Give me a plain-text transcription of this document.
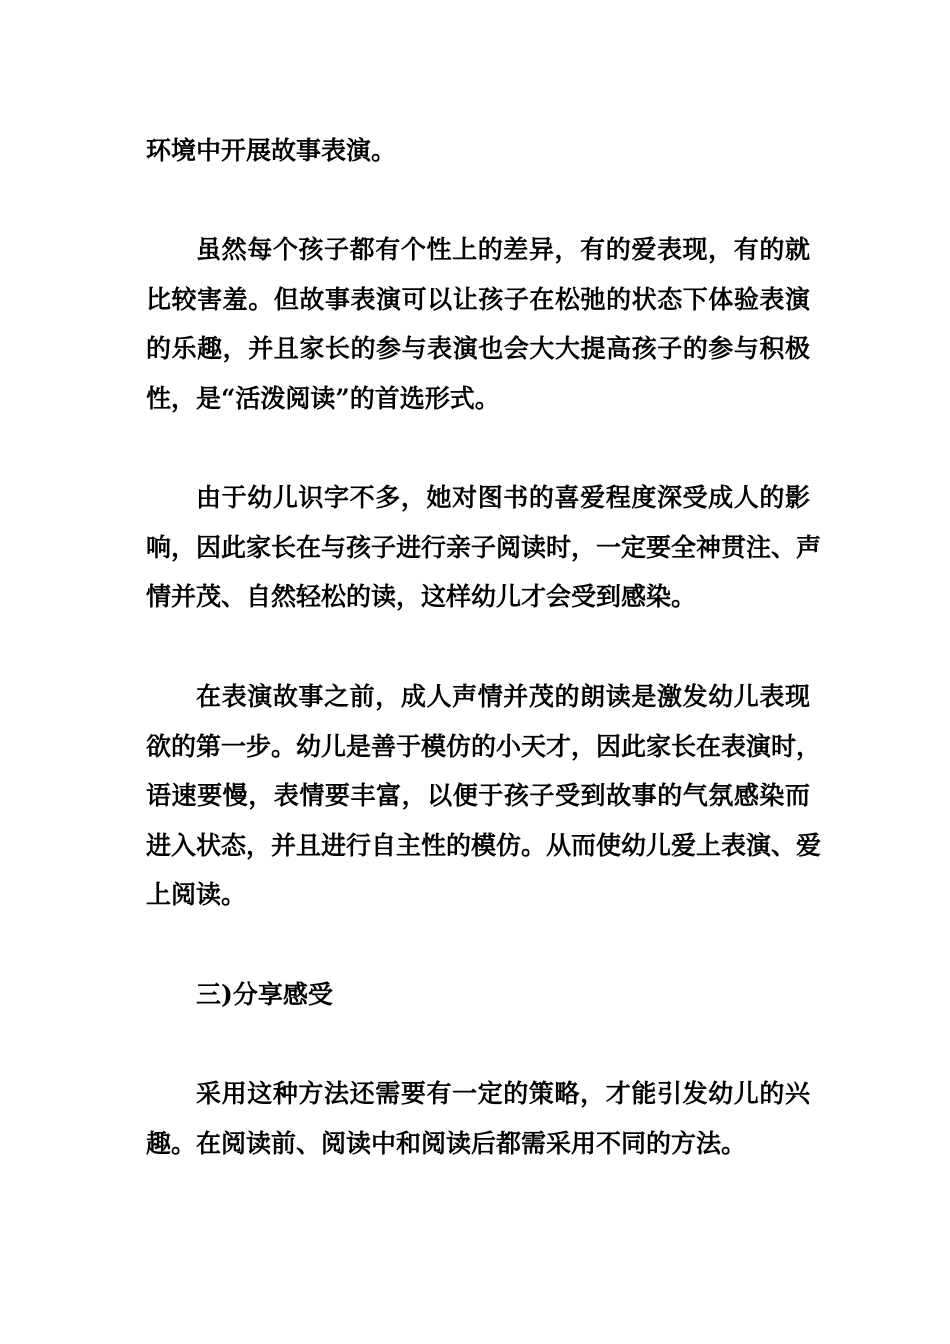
环境中开展故事表演。
虽然每个孩子都有个性上的差异，有的爱表现，有的就
比较害羞。但故事表演可以让孩子在松弛的状态下体验表演
的乐趣，并且家长的参与表演也会大大提高孩子的参与积极
性，是“活泼阅读”的首选形式。
由于幼儿识字不多，她对图书的喜爱程度深受成人的影
响，因此家长在与孩子进行亲子阅读时，一定要全神贯注、声
情并茂、自然轻松的读，这样幼儿才会受到感染。
在表演故事之前，成人声情并茂的朗读是激发幼儿表现
欲的第一步。幼儿是善于模仿的小天才，因此家长在表演时，
语速要慢，表情要丰富，以便于孩子受到故事的气氛感染而
进入状态，并且进行自主性的模仿。从而使幼儿爱上表演、爱
上阅读。
三)分享感受
采用这种方法还需要有一定的策略，才能引发幼儿的兴
趣。在阅读前、阅读中和阅读后都需采用不同的方法。
